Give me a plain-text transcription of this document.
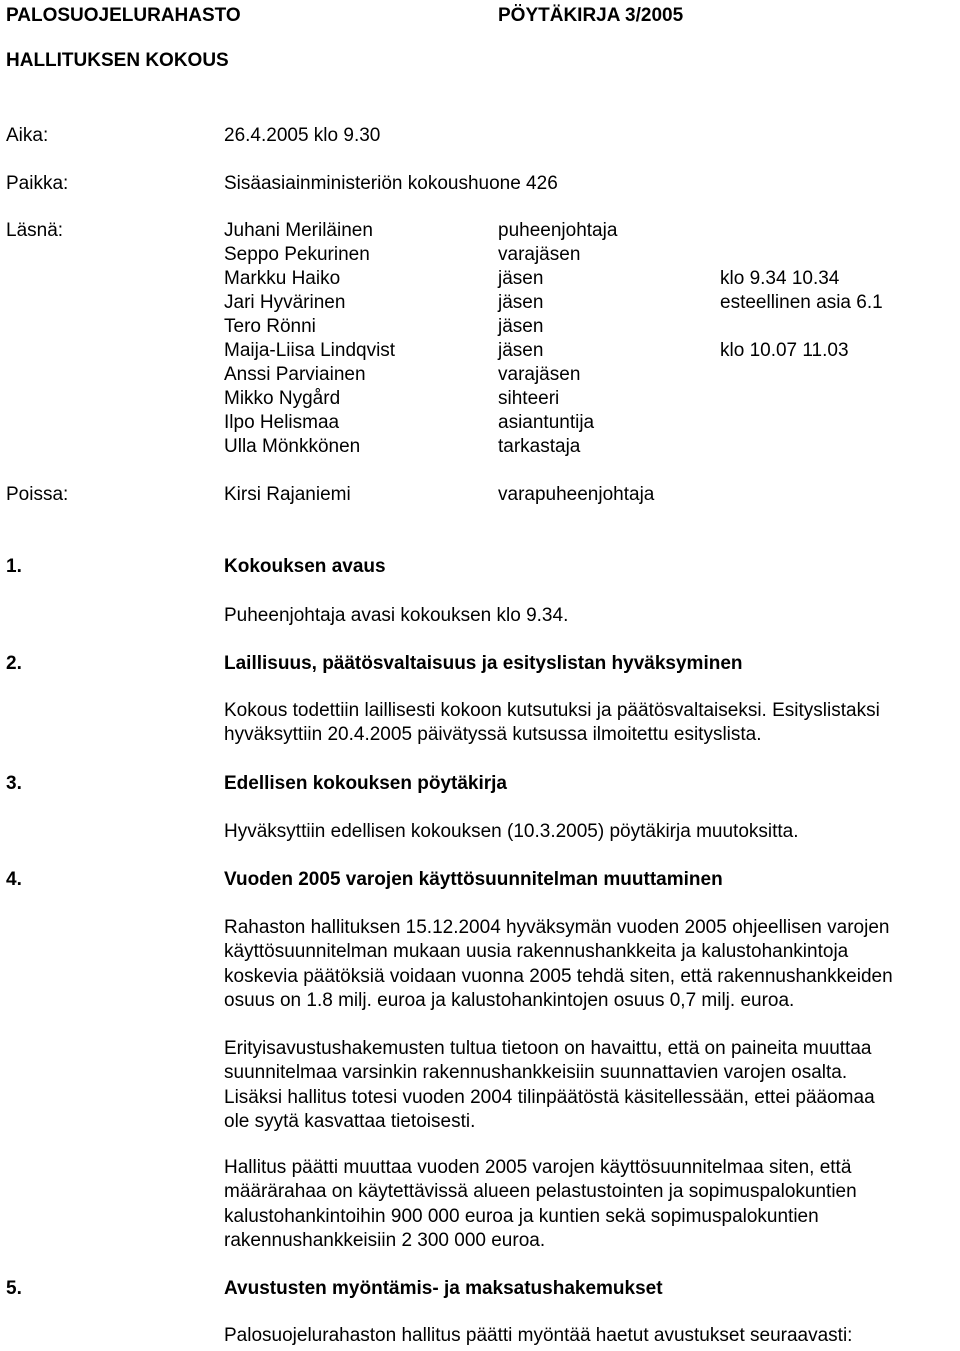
PALOSUOJELURAHASTO	PÖYTÄKIRJA 3/2005
HALLITUKSEN KOKOUS
Aika:	26.4.2005 klo 9.30
Paikka:	Sisäasiainministeriön kokoushuone 426
Läsnä:	Juhani Meriläinen	puheenjohtaja
Seppo Pekurinen	varajäsen
Markku Haiko	jäsen	klo 9.34 10.34
Jari Hyvärinen	jäsen	esteellinen asia 6.1
Tero Rönni	jäsen
Maija-Liisa Lindqvist	jäsen	klo 10.07 11.03
Anssi Parviainen	varajäsen
Mikko Nygård	sihteeri
Ilpo Helismaa	asiantuntija
Ulla Mönkkönen	tarkastaja
Poissa:	Kirsi Rajaniemi	varapuheenjohtaja
1.	Kokouksen avaus
Puheenjohtaja avasi kokouksen klo 9.34.
2.	Laillisuus, päätösvaltaisuus ja esityslistan hyväksyminen
Kokous todettiin laillisesti kokoon kutsutuksi ja päätösvaltaiseksi. Esityslistaksi
hyväksyttiin 20.4.2005 päivätyssä kutsussa ilmoitettu esityslista.
3.	Edellisen kokouksen pöytäkirja
Hyväksyttiin edellisen kokouksen (10.3.2005) pöytäkirja muutoksitta.
4.	Vuoden 2005 varojen käyttösuunnitelman muuttaminen
Rahaston hallituksen 15.12.2004 hyväksymän vuoden 2005 ohjeellisen varojen
käyttösuunnitelman mukaan uusia rakennushankkeita ja kalustohankintoja
koskevia päätöksiä voidaan vuonna 2005 tehdä siten, että rakennushankkeiden
osuus on 1.8 milj. euroa ja kalustohankintojen osuus 0,7 milj. euroa.
Erityisavustushakemusten tultua tietoon on havaittu, että on paineita muuttaa
suunnitelmaa varsinkin rakennushankkeisiin suunnattavien varojen osalta.
Lisäksi hallitus totesi vuoden 2004 tilinpäätöstä käsitellessään, ettei pääomaa
ole syytä kasvattaa tietoisesti.
Hallitus päätti muuttaa vuoden 2005 varojen käyttösuunnitelmaa siten, että
määrärahaa on käytettävissä alueen pelastustointen ja sopimuspalokuntien
kalustohankintoihin 900 000 euroa ja kuntien sekä sopimuspalokuntien
rakennushankkeisiin 2 300 000 euroa.
5.	Avustusten myöntämis- ja maksatushakemukset
Palosuojelurahaston hallitus päätti myöntää haetut avustukset seuraavasti:
